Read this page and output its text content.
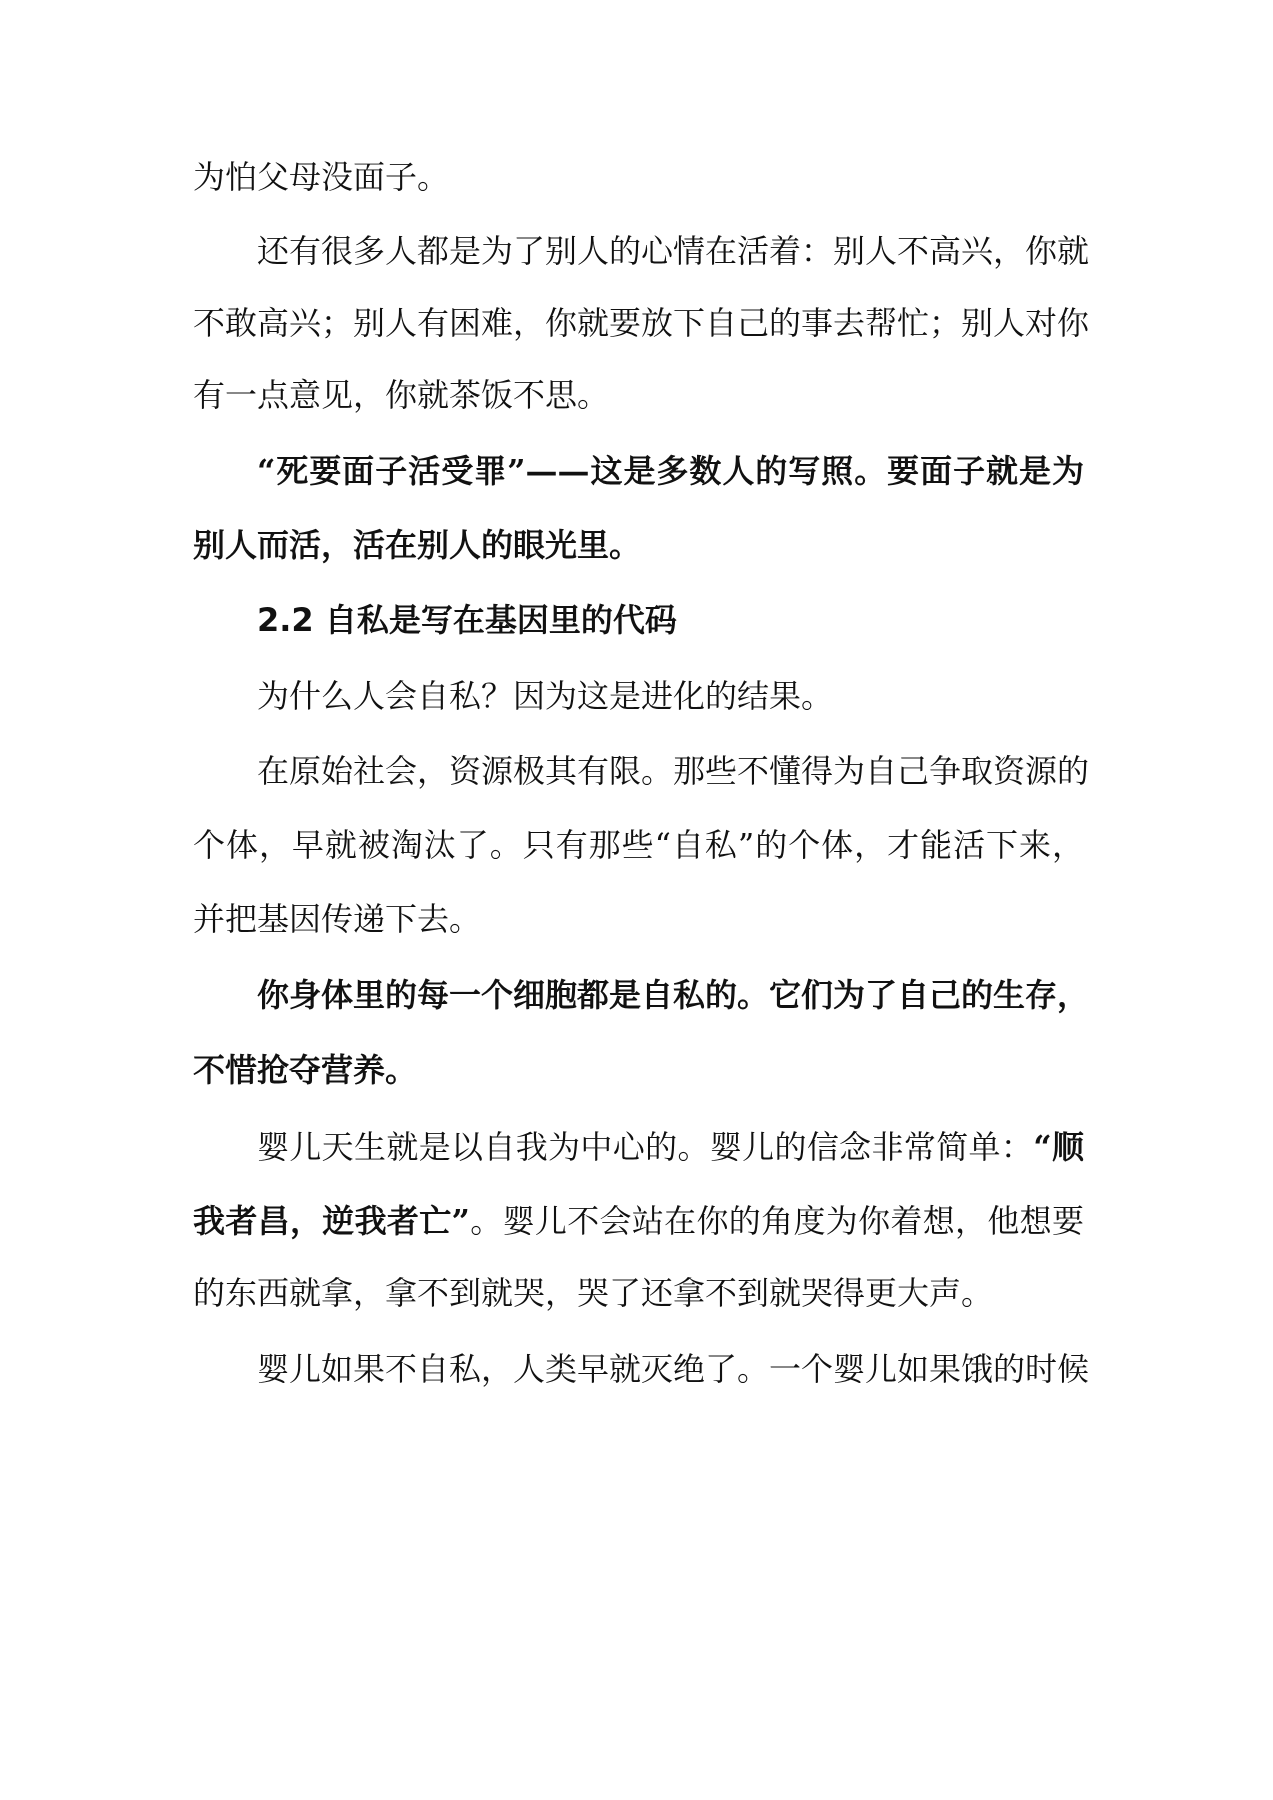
为怕父母没面子。
还有很多人都是为了别人的心情在活着：别人不高兴，你就
不敢高兴；别人有困难，你就要放下自己的事去帮忙；别人对你
有一点意见，你就茶饭不思。
“死要面子活受罪”——这是多数人的写照。要面子就是为
别人而活，活在别人的眼光里。
2.2 自私是写在基因里的代码
为什么人会自私？因为这是进化的结果。
在原始社会，资源极其有限。那些不懂得为自己争取资源的
个体，早就被淘汰了。只有那些“自私”的个体，才能活下来，
并把基因传递下去。
你身体里的每一个细胞都是自私的。它们为了自己的生存，
不惜抢夺营养。
婴儿天生就是以自我为中心的。婴儿的信念非常简单：“顺
我者昌，逆我者亡”。婴儿不会站在你的角度为你着想，他想要
的东西就拿，拿不到就哭，哭了还拿不到就哭得更大声。
婴儿如果不自私，人类早就灭绝了。一个婴儿如果饿的时候
